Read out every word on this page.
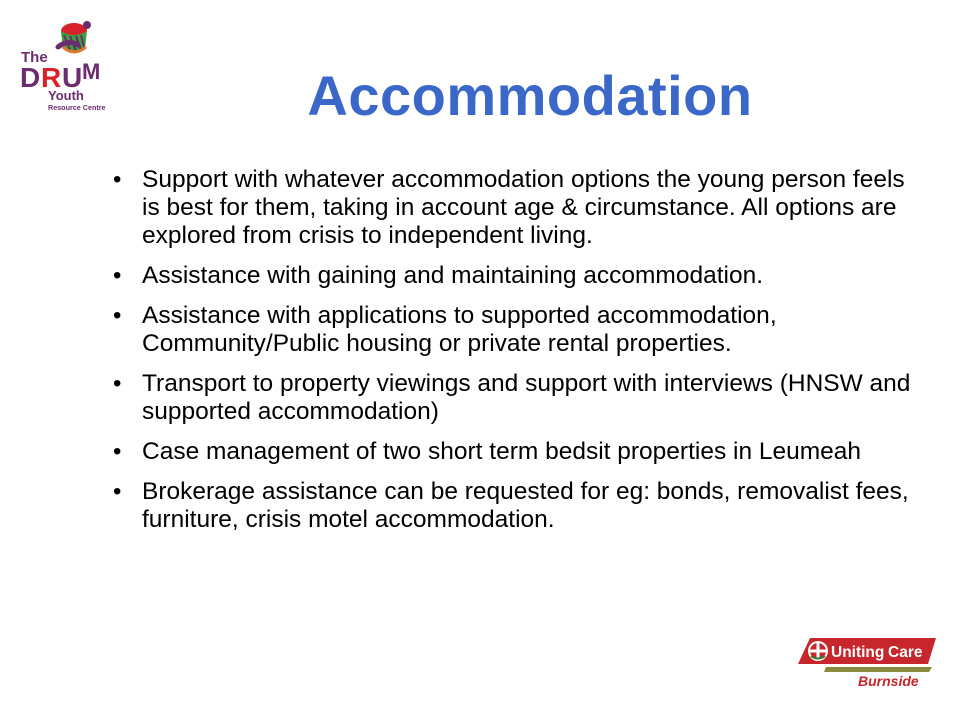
The
D R U M
Youth
Resource Centre	Accommodation
• Support with whatever accommodation options the young person feels is best for them, taking in account age & circumstance. All options are explored from crisis to independent living.
• Assistance with gaining and maintaining accommodation.
• Assistance with applications to supported accommodation, Community/Public housing or private rental properties.
• Transport to property viewings and support with interviews (HNSW and supported accommodation)
• Case management of two short term bedsit properties in Leumeah
• Brokerage assistance can be requested for eg: bonds, removalist fees, furniture, crisis motel accommodation.
Uniting Care
Burnside
